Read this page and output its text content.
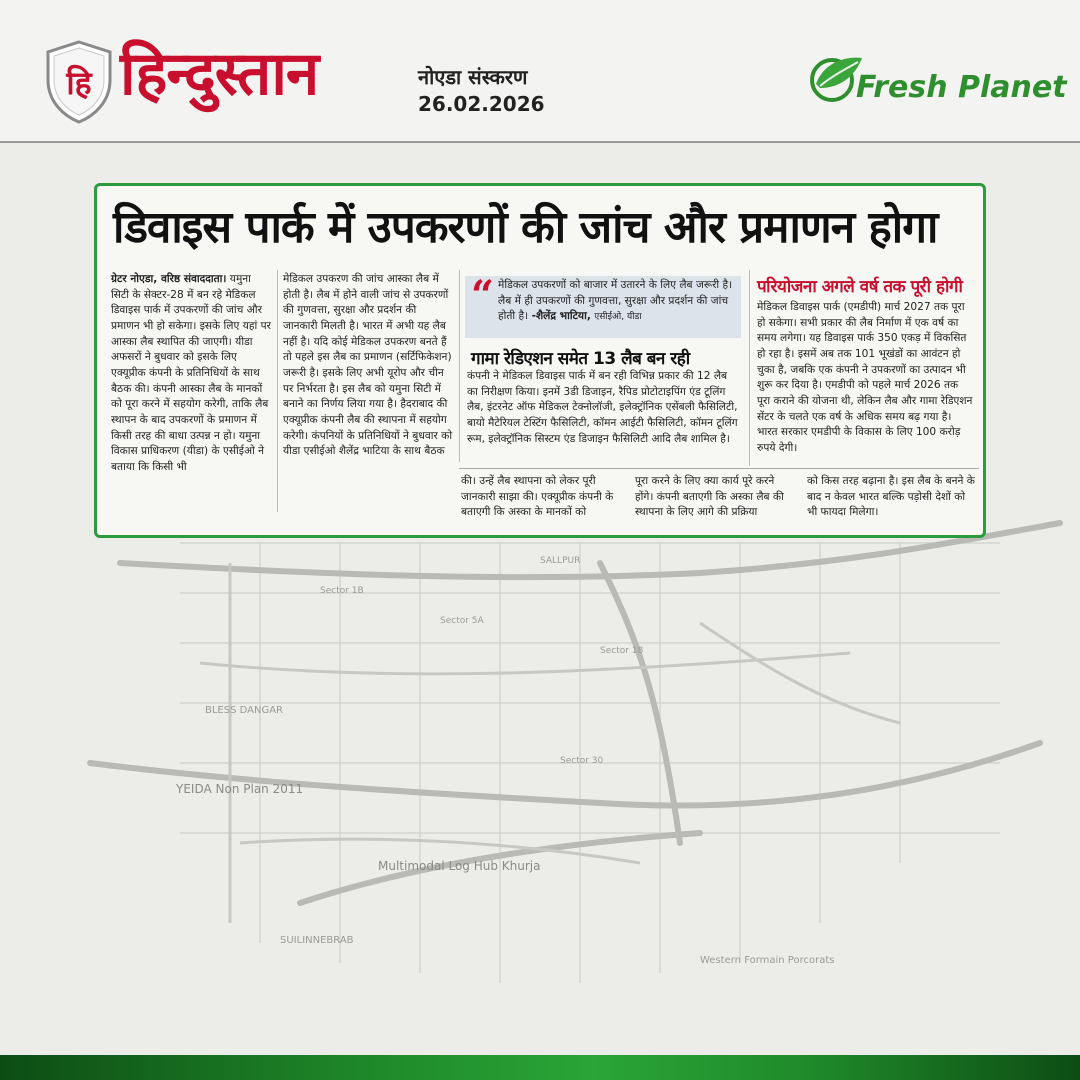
हि हिन्दुस्तान	नोएडा संस्करण
26.02.2026	Fresh Planet
Sector 1B
Sector 5A
Sector 18
Sector 30
BLESS DANGAR
YEIDA Non Plan 2011
Multimodal Log Hub Khurja
SUILINNEBRAB
Western Formain Porcorats
SALLPUR
डिवाइस पार्क में उपकरणों की जांच और प्रमाणन होगा
ग्रेटर नोएडा, वरिष्ठ संवाददाता। यमुना सिटी के सेक्टर-28 में बन रहे मेडिकल डिवाइस पार्क में उपकरणों की जांच और प्रमाणन भी हो सकेगा। इसके लिए यहां पर आस्का लैब स्थापित की जाएगी। यीडा अफसरों ने बुधवार को इसके लिए एक्यूप्रीक कंपनी के प्रतिनिधियों के साथ बैठक की। कंपनी आस्का लैब के मानकों को पूरा करने में सहयोग करेगी, ताकि लैब स्थापन के बाद उपकरणों के प्रमाणन में किसी तरह की बाधा उत्पन्न न हो। यमुना विकास प्राधिकरण (यीडा) के एसीईओ ने बताया कि किसी भी
मेडिकल उपकरण की जांच आस्का लैब में होती है। लैब में होने वाली जांच से उपकरणों की गुणवत्ता, सुरक्षा और प्रदर्शन की जानकारी मिलती है। भारत में अभी यह लैब नहीं है। यदि कोई मेडिकल उपकरण बनते हैं तो पहले इस लैब का प्रमाणन (सर्टिफिकेशन) जरूरी है। इसके लिए अभी यूरोप और चीन पर निर्भरता है। इस लैब को यमुना सिटी में बनाने का निर्णय लिया गया है। हैदराबाद की एक्यूप्रीक कंपनी लैब की स्थापना में सहयोग करेगी। कंपनियों के प्रतिनिधियों ने बुधवार को यीडा एसीईओ शैलेंद्र भाटिया के साथ बैठक
“ मेडिकल उपकरणों को बाजार में उतारने के लिए लैब जरूरी है। लैब में ही उपकरणों की गुणवत्ता, सुरक्षा और प्रदर्शन की जांच होती है। -शैलेंद्र भाटिया, एसीईओ, यीडा
गामा रेडिएशन समेत 13 लैब बन रही
कंपनी ने मेडिकल डिवाइस पार्क में बन रही विभिन्न प्रकार की 12 लैब का निरीक्षण किया। इनमें 3डी डिजाइन, रैपिड प्रोटोटाइपिंग एंड टूलिंग लैब, इंटरनेट ऑफ मेडिकल टेक्नोलॉजी, इलेक्ट्रॉनिक एसेंबली फैसिलिटी, बायो मैटेरियल टेस्टिंग फैसिलिटी, कॉमन आईटी फैसिलिटी, कॉमन टूलिंग रूम, इलेक्ट्रॉनिक सिस्टम एंड डिजाइन फैसिलिटी आदि लैब शामिल है।
परियोजना अगले वर्ष तक पूरी होगी
मेडिकल डिवाइस पार्क (एमडीपी) मार्च 2027 तक पूरा हो सकेगा। सभी प्रकार की लैब निर्माण में एक वर्ष का समय लगेगा। यह डिवाइस पार्क 350 एकड़ में विकसित हो रहा है। इसमें अब तक 101 भूखंडों का आवंटन हो चुका है, जबकि एक कंपनी ने उपकरणों का उत्पादन भी शुरू कर दिया है। एमडीपी को पहले मार्च 2026 तक पूरा कराने की योजना थी, लेकिन लैब और गामा रेडिएशन सेंटर के चलते एक वर्ष के अधिक समय बढ़ गया है। भारत सरकार एमडीपी के विकास के लिए 100 करोड़ रुपये देगी।
की। उन्हें लैब स्थापना को लेकर पूरी जानकारी साझा की। एक्यूप्रीक कंपनी के बताएगी कि अस्का के मानकों को
पूरा करने के लिए क्या कार्य पूरे करने होंगे। कंपनी बताएगी कि अस्का लैब की स्थापना के लिए आगे की प्रक्रिया
को किस तरह बढ़ाना है। इस लैब के बनने के बाद न केवल भारत बल्कि पड़ोसी देशों को भी फायदा मिलेगा।
